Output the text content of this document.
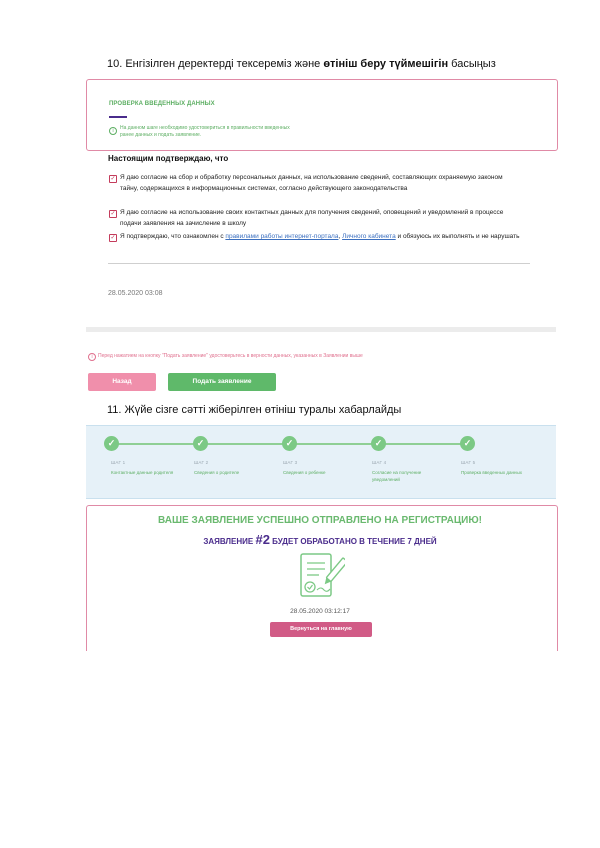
10. Енгізілген деректерді тексереміз және өтініш беру түймешігін басыңыз
ПРОВЕРКА ВВЕДЕННЫХ ДАННЫХ
i	На данном шаге необходимо удостовериться в правильности введенных ранее данных и подать заявление.
Настоящим подтверждаю, что
✓ Я даю согласие на сбор и обработку персональных данных, на использование сведений, составляющих охраняемую законом тайну, содержащихся в информационных системах, согласно действующего законодательства
✓ Я даю согласие на использование своих контактных данных для получения сведений, оповещений и уведомлений в процессе подачи заявления на зачисление в школу
✓ Я подтверждаю, что ознакомлен с правилами работы интернет-портала, Личного кабинета и обязуюсь их выполнять и не нарушать
28.05.2020 03:08
i	Перед нажатием на кнопку "Подать заявление" удостоверьтесь в верности данных, указанных в Заявлении выше
Назад	Подать заявление
11. Жүйе сізге сәтті жіберілген өтініш туралы хабарлайды
✓
ШАГ 1
Контактные данные родителя
✓
ШАГ 2
Сведения о родителе
✓
ШАГ 3
Сведения о ребенке
✓
ШАГ 4
Согласие на получение уведомлений
✓
ШАГ 5
Проверка введенных данных
ВАШЕ ЗАЯВЛЕНИЕ УСПЕШНО ОТПРАВЛЕНО НА РЕГИСТРАЦИЮ!
ЗАЯВЛЕНИЕ #2 БУДЕТ ОБРАБОТАНО В ТЕЧЕНИЕ 7 ДНЕЙ
28.05.2020 03:12:17
Вернуться на главную
